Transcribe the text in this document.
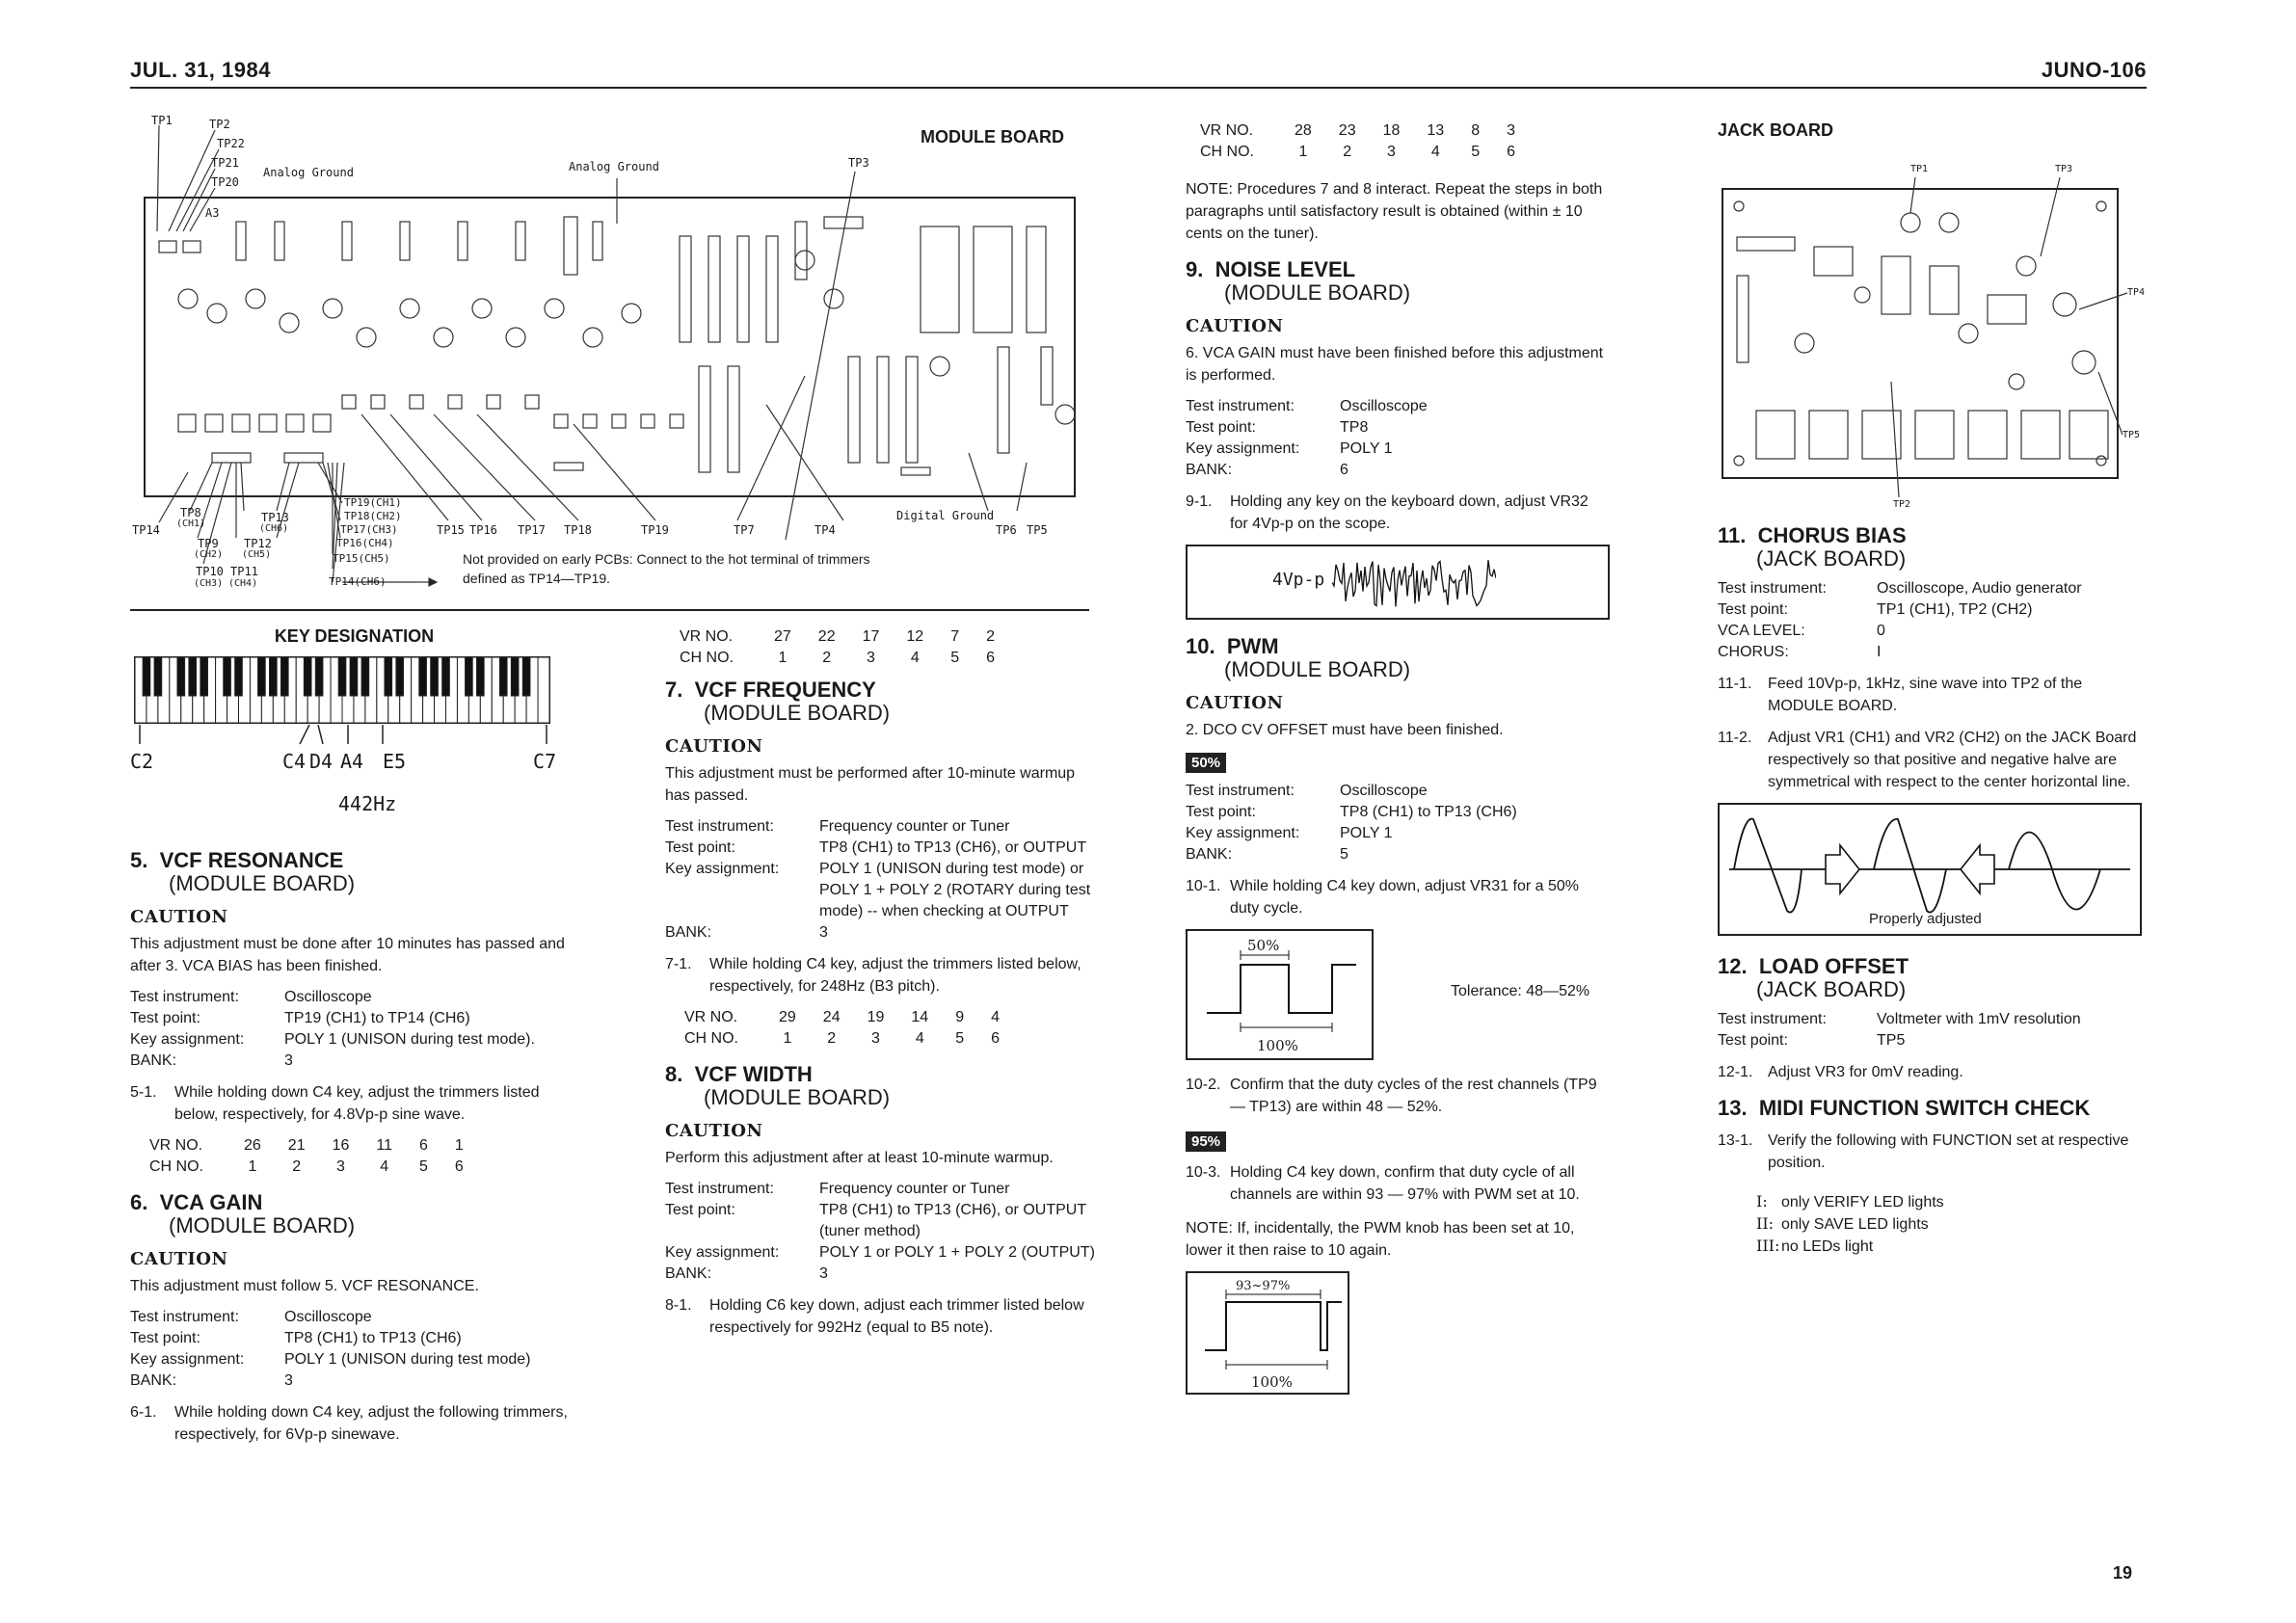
JUL. 31, 1984	JUNO-106
MODULE BOARD
TP1	TP2
TP22
TP21
TP20
Analog Ground	Analog Ground	TP3
A3
TP14
TP8
(CH1)
TP9
(CH2)
TP10
(CH3)
TP11
(CH4)
TP12
(CH5)
TP13
(CH6)
TP19(CH1)
TP18(CH2)
TP17(CH3)
TP16(CH4)
TP15(CH5)
TP14(CH6)
TP15 TP16 TP17 TP18	TP19	TP7	TP4
Digital Ground
TP6 TP5
Not provided on early PCBs: Connect to the hot terminal of trimmers defined as TP14—TP19.
KEY DESIGNATION
C2	C4 D4 A4 E5	C7
442Hz
5. VCF RESONANCE
(MODULE BOARD)
CAUTION

This adjustment must be done after 10 minutes has passed and after 3. VCA BIAS has been finished.

Test instrument:	Oscilloscope
Test point:	TP19 (CH1) to TP14 (CH6)
Key assignment:	POLY 1 (UNISON during test mode).
BANK:	3
5-1.	While holding down C4 key, adjust the trimmers listed below, respectively, for 4.8Vp-p sine wave.
VR NO.	26	21	16	11	6	1
CH NO.	1	2	3	4	5	6
6. VCA GAIN
(MODULE BOARD)
CAUTION

This adjustment must follow 5. VCF RESONANCE.

Test instrument:	Oscilloscope
Test point:	TP8 (CH1) to TP13 (CH6)
Key assignment:	POLY 1 (UNISON during test mode)
BANK:	3
6-1.	While holding down C4 key, adjust the following trimmers, respectively, for 6Vp-p sinewave.
VR NO.	27	22	17	12	7	2
CH NO.	1	2	3	4	5	6
7. VCF FREQUENCY
(MODULE BOARD)
CAUTION

This adjustment must be performed after 10-minute warmup has passed.

Test instrument:	Frequency counter or Tuner
Test point:	TP8 (CH1) to TP13 (CH6), or OUTPUT
Key assignment:	POLY 1 (UNISON during test mode) or POLY 1 + POLY 2 (ROTARY during test mode) -- when checking at OUTPUT
BANK:	3
7-1.	While holding C4 key, adjust the trimmers listed below, respectively, for 248Hz (B3 pitch).
VR NO.	29	24	19	14	9	4
CH NO.	1	2	3	4	5	6
8. VCF WIDTH
(MODULE BOARD)
CAUTION

Perform this adjustment after at least 10-minute warmup.

Test instrument:	Frequency counter or Tuner
Test point:	TP8 (CH1) to TP13 (CH6), or OUTPUT (tuner method)
Key assignment:	POLY 1 or POLY 1 + POLY 2 (OUTPUT)
BANK:	3
8-1.	Holding C6 key down, adjust each trimmer listed below respectively for 992Hz (equal to B5 note).
VR NO.	28	23	18	13	8	3
CH NO.	1	2	3	4	5	6

NOTE: Procedures 7 and 8 interact. Repeat the steps in both paragraphs until satisfactory result is obtained (within ± 10 cents on the tuner).

9. NOISE LEVEL
(MODULE BOARD)
CAUTION

6. VCA GAIN must have been finished before this adjustment is performed.

Test instrument:	Oscilloscope
Test point:	TP8
Key assignment:	POLY 1
BANK:	6
9-1.	Holding any key on the keyboard down, adjust VR32 for 4Vp-p on the scope.
4Vp-p
10. PWM
(MODULE BOARD)
CAUTION

2. DCO CV OFFSET must have been finished.

50%
Test instrument:	Oscilloscope
Test point:	TP8 (CH1) to TP13 (CH6)
Key assignment:	POLY 1
BANK:	5
10-1. While holding C4 key down, adjust VR31 for a 50% duty cycle.
50%
100%
Tolerance: 48—52%
10-2. Confirm that the duty cycles of the rest channels (TP9 — TP13) are within 48 — 52%.
95%
10-3. Holding C4 key down, confirm that duty cycle of all channels are within 93 — 97% with PWM set at 10.

NOTE: If, incidentally, the PWM knob has been set at 10, lower it then raise to 10 again.

93~97%
100%
JACK BOARD
TP1	TP3
TP4
TP5
TP2
11. CHORUS BIAS
(JACK BOARD)
Test instrument:	Oscilloscope, Audio generator
Test point:	TP1 (CH1), TP2 (CH2)
VCA LEVEL:	0
CHORUS:	I
11-1.	Feed 10Vp-p, 1kHz, sine wave into TP2 of the MODULE BOARD.
11-2.	Adjust VR1 (CH1) and VR2 (CH2) on the JACK Board respectively so that positive and negative halve are symmetrical with respect to the center horizontal line.
Properly adjusted
12. LOAD OFFSET
(JACK BOARD)
Test instrument:	Voltmeter with 1mV resolution
Test point:	TP5
12-1. Adjust VR3 for 0mV reading.
13. MIDI FUNCTION SWITCH CHECK
13-1. Verify the following with FUNCTION set at respective position.
I: only VERIFY LED lights
II: only SAVE LED lights
III: no LEDs light
19
